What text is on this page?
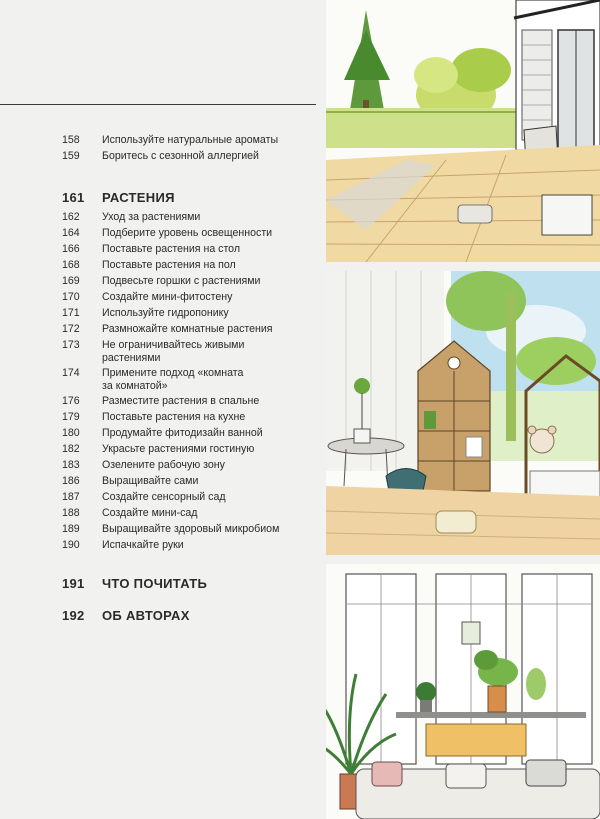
158	Используйте натуральные ароматы
159	Боритесь с сезонной аллергией
161 РАСТЕНИЯ
162	Уход за растениями
164	Подберите уровень освещенности
166	Поставьте растения на стол
168	Поставьте растения на пол
169	Подвесьте горшки с растениями
170	Создайте мини-фитостену
171	Используйте гидропонику
172	Размножайте комнатные растения
173	Не ограничивайтесь живыми растениями
174	Примените подход «комната за комнатой»
176	Разместите растения в спальне
179	Поставьте растения на кухне
180	Продумайте фитодизайн ванной
182	Украсьте растениями гостиную
183	Озелените рабочую зону
186	Выращивайте сами
187	Создайте сенсорный сад
188	Создайте мини-сад
189	Выращивайте здоровый микробиом
190	Испачкайте руки
191 ЧТО ПОЧИТАТЬ
192 ОБ АВТОРАХ
